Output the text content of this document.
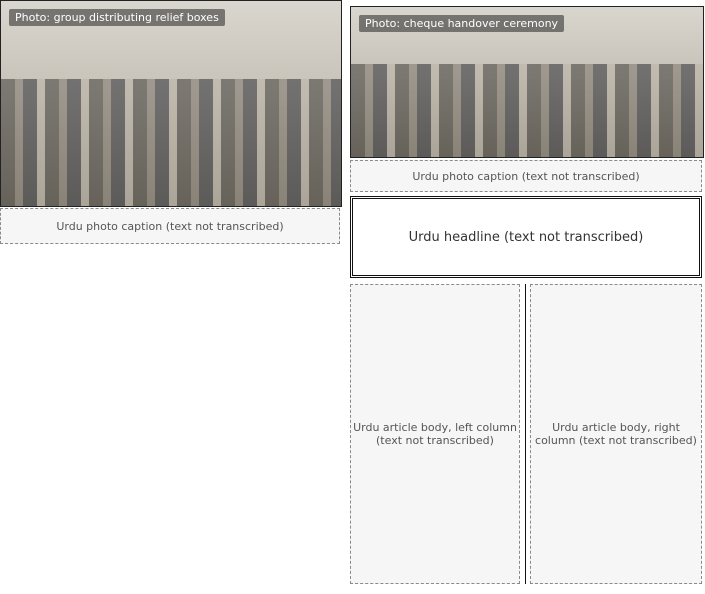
Photo: group distributing relief boxes	Photo: cheque handover ceremony
Urdu photo caption (text not transcribed)
Urdu photo caption (text not transcribed)
Urdu headline (text not transcribed)
Urdu article body, right column (text not transcribed)
Urdu article body, left column (text not transcribed)
